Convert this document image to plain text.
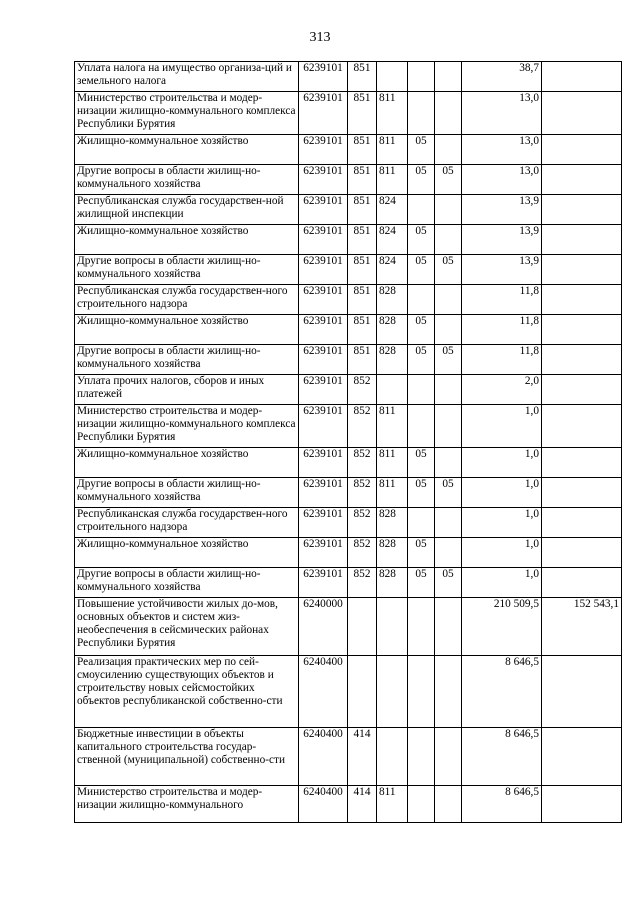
313
Уплата налога на имущество организа-ций и земельного налога	6239101	851				38,7	
Министерство строительства и модер-низации жилищно-коммунального комплекса Республики Бурятия	6239101	851	811			13,0	
Жилищно-коммунальное хозяйство	6239101	851	811	05		13,0	
Другие вопросы в области жилищ-но-коммунального хозяйства	6239101	851	811	05	05	13,0	
Республиканская служба государствен-ной жилищной инспекции	6239101	851	824			13,9	
Жилищно-коммунальное хозяйство	6239101	851	824	05		13,9	
Другие вопросы в области жилищ-но-коммунального хозяйства	6239101	851	824	05	05	13,9	
Республиканская служба государствен-ного строительного надзора	6239101	851	828			11,8	
Жилищно-коммунальное хозяйство	6239101	851	828	05		11,8	
Другие вопросы в области жилищ-но-коммунального хозяйства	6239101	851	828	05	05	11,8	
Уплата прочих налогов, сборов и иных платежей	6239101	852				2,0	
Министерство строительства и модер-низации жилищно-коммунального комплекса Республики Бурятия	6239101	852	811			1,0	
Жилищно-коммунальное хозяйство	6239101	852	811	05		1,0	
Другие вопросы в области жилищ-но-коммунального хозяйства	6239101	852	811	05	05	1,0	
Республиканская служба государствен-ного строительного надзора	6239101	852	828			1,0	
Жилищно-коммунальное хозяйство	6239101	852	828	05		1,0	
Другие вопросы в области жилищ-но-коммунального хозяйства	6239101	852	828	05	05	1,0	
Повышение устойчивости жилых до-мов, основных объектов и систем жиз-необеспечения в сейсмических районах Республики Бурятия	6240000					210 509,5	152 543,1
Реализация практических мер по сей-смоусилению существующих объектов и строительству новых сейсмостойких объектов республиканской собственно-сти	6240400					8 646,5	
Бюджетные инвестиции в объекты капитального строительства государ-ственной (муниципальной) собственно-сти	6240400	414				8 646,5	
Министерство строительства и модер-низации жилищно-коммунального	6240400	414	811			8 646,5	
